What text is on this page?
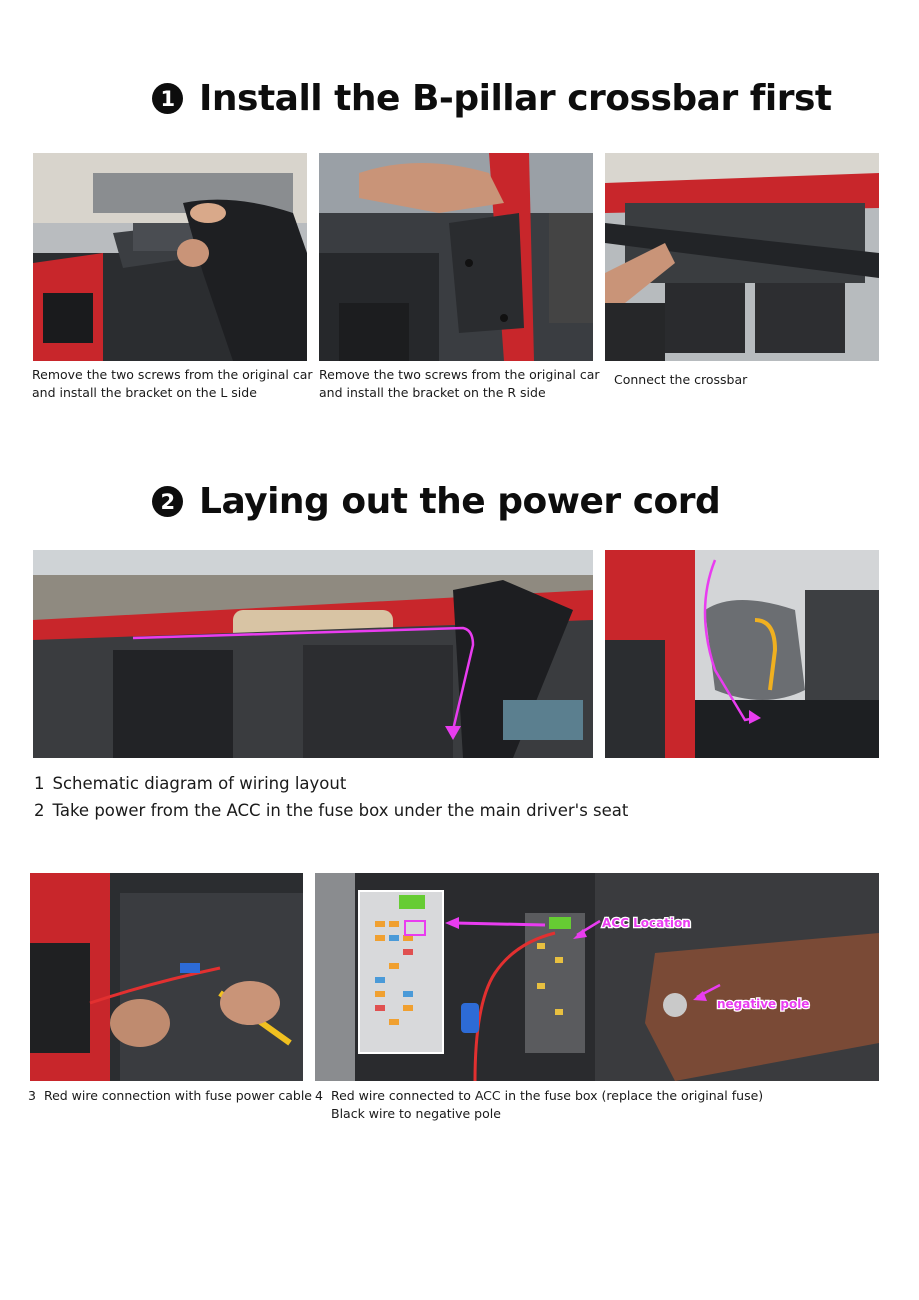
1 Install the B-pillar crossbar first
Remove the two screws from the original car
and install the bracket on the L side
Remove the two screws from the original car
and install the bracket on the R side
Connect the crossbar
2 Laying out the power cord
1 Schematic diagram of wiring layout
2 Take power from the ACC in the fuse box under the main driver's seat
ACC Location
negative pole
3 Red wire connection with fuse power cable 4 Red wire connected to ACC in the fuse box (replace the original fuse)
Black wire to negative pole
